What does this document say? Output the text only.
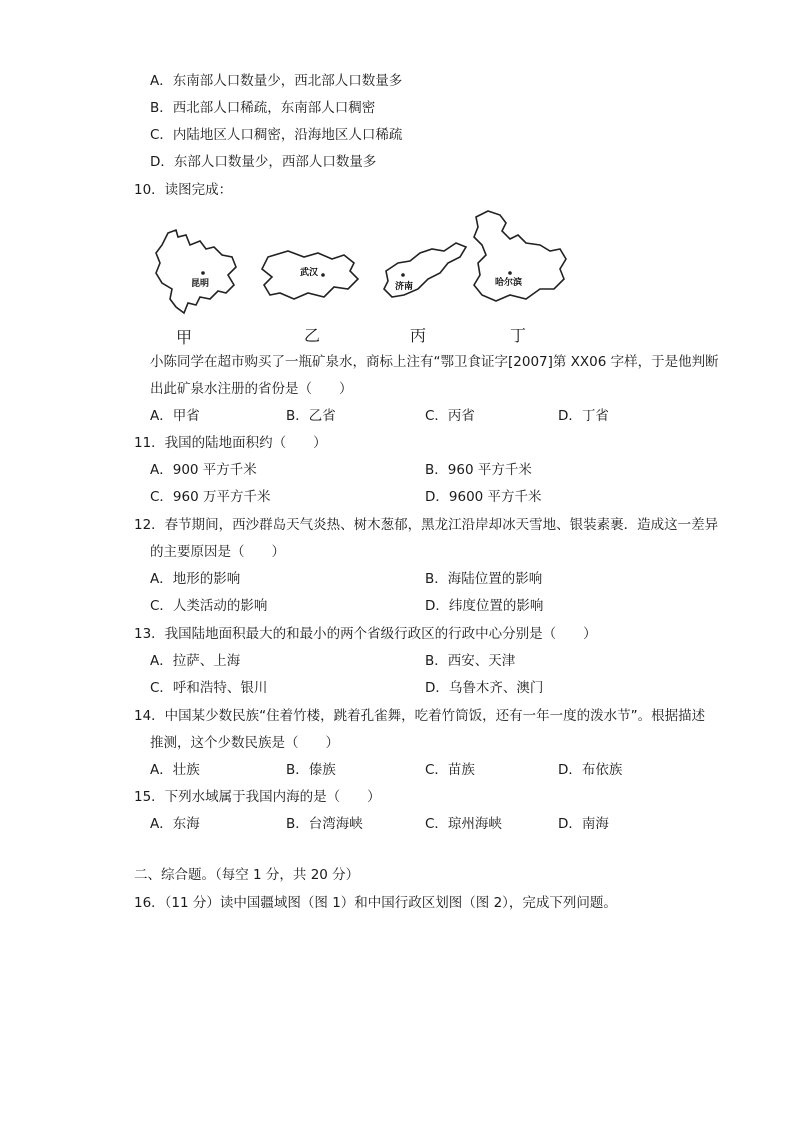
A．东南部人口数量少，西北部人口数量多
B．西北部人口稀疏，东南部人口稠密
C．内陆地区人口稠密，沿海地区人口稀疏
D．东部人口数量少，西部人口数量多
10．读图完成：
昆明
武汉
济南	哈尔滨
甲	乙	丙	丁
小陈同学在超市购买了一瓶矿泉水，商标上注有“鄂卫食证字[2007]第 XX06 字样，于是他判断
出此矿泉水注册的省份是（　　）
A．甲省	B．乙省	C．丙省	D．丁省
11．我国的陆地面积约（　　）
A．900 平方千米	B．960 平方千米
C．960 万平方千米	D．9600 平方千米
12．春节期间，西沙群岛天气炎热、树木葱郁，黑龙江沿岸却冰天雪地、银装素裹．造成这一差异
的主要原因是（　　）
A．地形的影响	B．海陆位置的影响
C．人类活动的影响	D．纬度位置的影响
13．我国陆地面积最大的和最小的两个省级行政区的行政中心分别是（　　）
A．拉萨、上海	B．西安、天津
C．呼和浩特、银川	D．乌鲁木齐、澳门
14．中国某少数民族“住着竹楼，跳着孔雀舞，吃着竹筒饭，还有一年一度的泼水节”。根据描述
推测，这个少数民族是（　　）
A．壮族	B．傣族	C．苗族	D．布依族
15．下列水域属于我国内海的是（　　）
A．东海	B．台湾海峡	C．琼州海峡	D．南海
二、综合题。（每空 1 分，共 20 分）
16．（11 分）读中国疆域图（图 1）和中国行政区划图（图 2），完成下列问题。
